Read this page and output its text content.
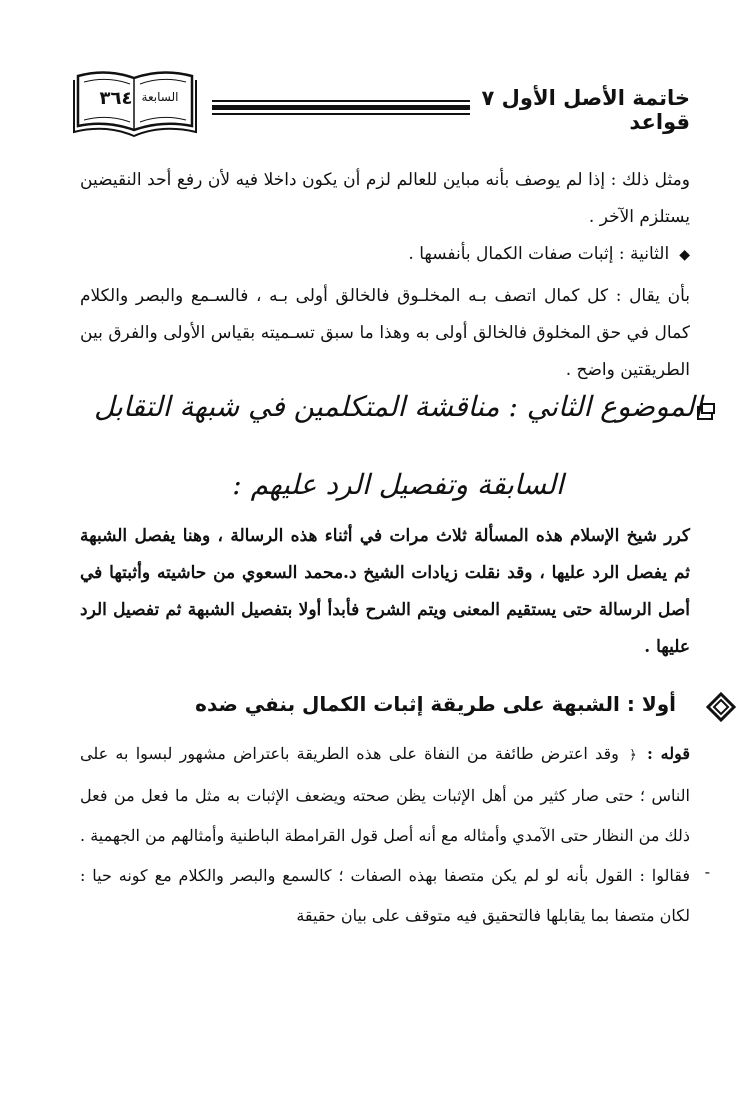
السابعة
٣٦٤	خاتمة الأصل الأول ٧ قواعد
ومثل ذلك : إذا لم يوصف بأنه مباين للعالم لزم أن يكون داخلا فيه لأن رفع أحد النقيضين يستلزم الآخر .
◆الثانية : إثبات صفات الكمال بأنفسها .
بأن يقال : كل كمال اتصف بـه المخلـوق فالخالق أولى بـه ، فالسـمع والبصر والكلام كمال في حق المخلوق فالخالق أولى به وهذا ما سبق تسـميته بقياس الأولى والفرق بين الطريقتين واضح .
الموضوع الثاني : مناقشة المتكلمين في شبهة التقابل
السابقة وتفصيل الرد عليهم :
كرر شيخ الإسلام هذه المسألة ثلاث مرات في أثناء هذه الرسالة ، وهنا يفصل الشبهة ثم يفصل الرد عليها ، وقد نقلت زيادات الشيخ د.محمد السعوي من حاشيته وأثبتها في أصل الرسالة حتى يستقيم المعنى ويتم الشرح فأبدأ أولا بتفصيل الشبهة ثم تفصيل الرد عليها .
أولا : الشبهة على طريقة إثبات الكمال بنفي ضده
-
قوله : ﴿ وقد اعترض طائفة من النفاة على هذه الطريقة باعتراض مشهور لبسوا به على الناس ؛ حتى صار كثير من أهل الإثبات يظن صحته ويضعف الإثبات به مثل ما فعل من فعل ذلك من النظار حتى الآمدي وأمثاله مع أنه أصل قول القرامطة الباطنية وأمثالهم من الجهمية . فقالوا : القول بأنه لو لم يكن متصفا بهذه الصفات ؛ كالسمع والبصر والكلام مع كونه حيا : لكان متصفا بما يقابلها فالتحقيق فيه متوقف على بيان حقيقة
